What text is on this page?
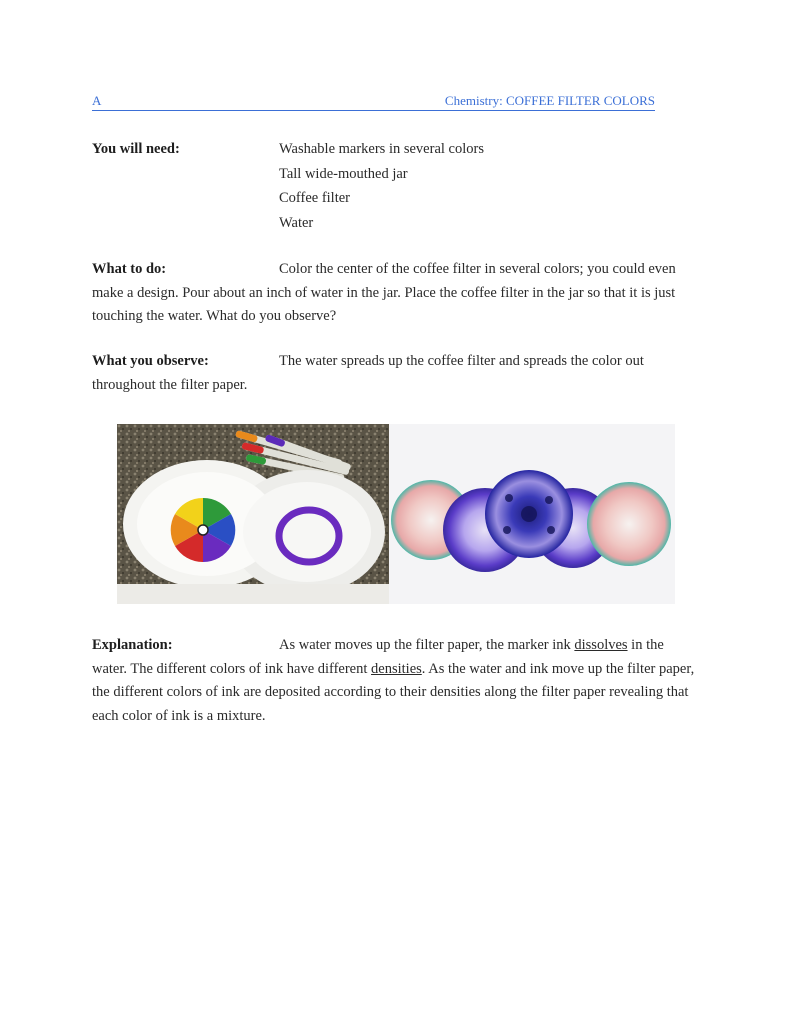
A	Chemistry: COFFEE FILTER COLORS
You will need:	Washable markers in several colors
Tall wide-mouthed jar
Coffee filter
Water
What to do:	Color the center of the coffee filter in several colors; you could even make a design. Pour about an inch of water in the jar. Place the coffee filter in the jar so that it is just touching the water. What do you observe?
What you observe:	The water spreads up the coffee filter and spreads the color out throughout the filter paper.
Explanation:	As water moves up the filter paper, the marker ink dissolves in the water. The different colors of ink have different densities. As the water and ink move up the filter paper, the different colors of ink are deposited according to their densities along the filter paper revealing that each color of ink is a mixture.
